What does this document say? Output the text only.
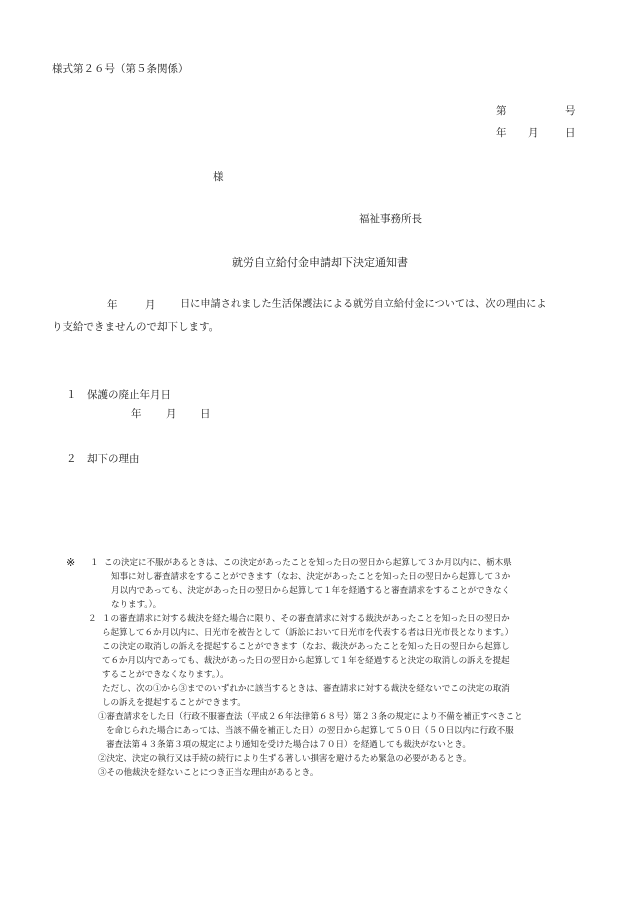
様式第２６号（第５条関係）
第	号
年 月	日
様
福祉事務所長
就労自立給付金申請却下決定通知書
年	月 日に申請されました生活保護法による就労自立給付金については、次の理由によ
り支給できませんので却下します。
１　保護の廃止年月日
年 月 日
２　却下の理由
※ １ この決定に不服があるときは、この決定があったことを知った日の翌日から起算して３か月以内に、栃木県
知事に対し審査請求をすることができます（なお、決定があったことを知った日の翌日から起算して３か
月以内であっても、決定があった日の翌日から起算して１年を経過すると審査請求をすることができなく
なります。）。
２ １の審査請求に対する裁決を経た場合に限り、その審査請求に対する裁決があったことを知った日の翌日か
ら起算して６か月以内に、日光市を被告として（訴訟において日光市を代表する者は日光市長となります。）
この決定の取消しの訴えを提起することができます（なお、裁決があったことを知った日の翌日から起算し
て６か月以内であっても、裁決があった日の翌日から起算して１年を経過すると決定の取消しの訴えを提起
することができなくなります。）。
ただし、次の①から③までのいずれかに該当するときは、審査請求に対する裁決を経ないでこの決定の取消
しの訴えを提起することができます。
①審査請求をした日（行政不服審査法（平成２６年法律第６８号）第２３条の規定により不備を補正すべきこと
を命じられた場合にあっては、当該不備を補正した日）の翌日から起算して５０日（５０日以内に行政不服
審査法第４３条第３項の規定により通知を受けた場合は７０日）を経過しても裁決がないとき。
②決定、決定の執行又は手続の続行により生ずる著しい損害を避けるため緊急の必要があるとき。
③その他裁決を経ないことにつき正当な理由があるとき。
